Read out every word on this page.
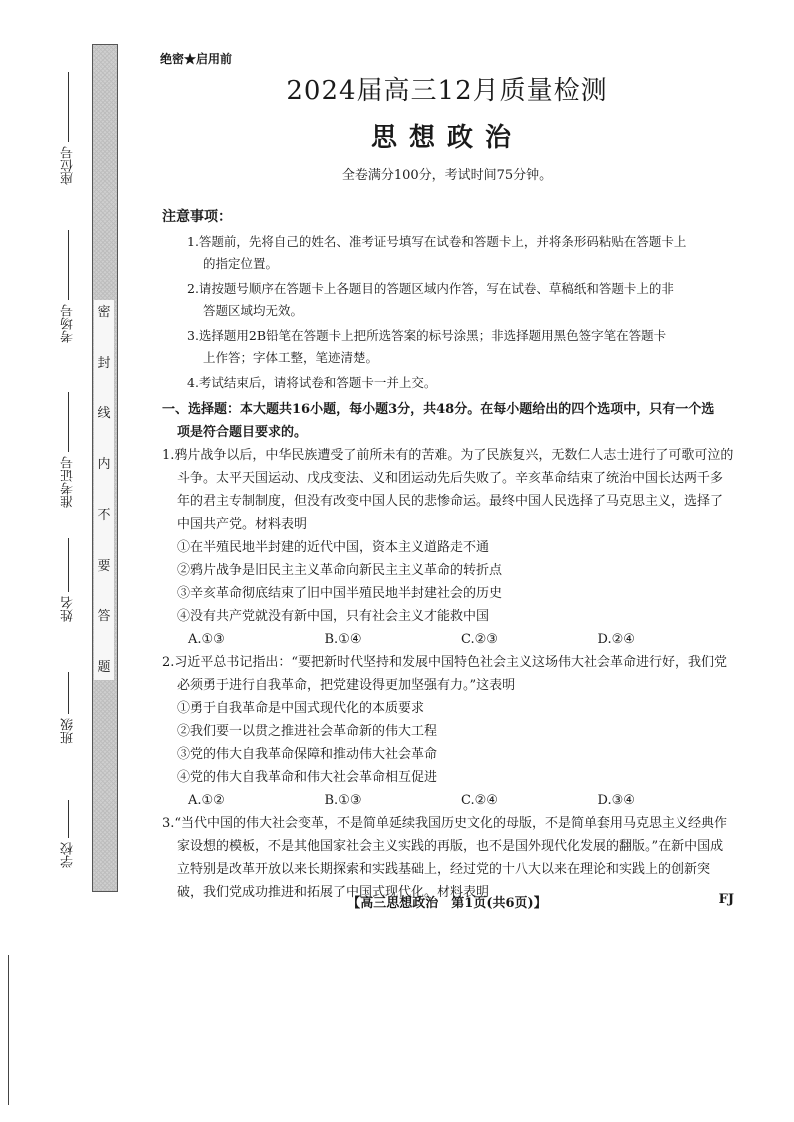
密
封
线
内
不
要
答
题
座位号
考场号
准考证号
姓名
班级
学校
绝密★启用前
2024届高三12月质量检测
思想政治
全卷满分100分，考试时间75分钟。
注意事项：
1.答题前，先将自己的姓名、准考证号填写在试卷和答题卡上，并将条形码粘贴在答题卡上
的指定位置。
2.请按题号顺序在答题卡上各题目的答题区域内作答，写在试卷、草稿纸和答题卡上的非
答题区域均无效。
3.选择题用2B铅笔在答题卡上把所选答案的标号涂黑；非选择题用黑色签字笔在答题卡
上作答；字体工整，笔迹清楚。
4.考试结束后，请将试卷和答题卡一并上交。
一、选择题：本大题共16小题，每小题3分，共48分。在每小题给出的四个选项中，只有一个选
项是符合题目要求的。
1.鸦片战争以后，中华民族遭受了前所未有的苦难。为了民族复兴，无数仁人志士进行了可歌可泣的斗争。太平天国运动、戊戌变法、义和团运动先后失败了。辛亥革命结束了统治中国长达两千多年的君主专制制度，但没有改变中国人民的悲惨命运。最终中国人民选择了马克思主义，选择了中国共产党。材料表明
①在半殖民地半封建的近代中国，资本主义道路走不通
②鸦片战争是旧民主主义革命向新民主主义革命的转折点
③辛亥革命彻底结束了旧中国半殖民地半封建社会的历史
④没有共产党就没有新中国，只有社会主义才能救中国
A.①③	B.①④	C.②③	D.②④
2.习近平总书记指出：“要把新时代坚持和发展中国特色社会主义这场伟大社会革命进行好，我们党必须勇于进行自我革命，把党建设得更加坚强有力。”这表明
①勇于自我革命是中国式现代化的本质要求
②我们要一以贯之推进社会革命新的伟大工程
③党的伟大自我革命保障和推动伟大社会革命
④党的伟大自我革命和伟大社会革命相互促进
A.①②	B.①③	C.②④	D.③④
3.“当代中国的伟大社会变革，不是简单延续我国历史文化的母版，不是简单套用马克思主义经典作家设想的模板，不是其他国家社会主义实践的再版，也不是国外现代化发展的翻版。”在新中国成立特别是改革开放以来长期探索和实践基础上，经过党的十八大以来在理论和实践上的创新突破，我们党成功推进和拓展了中国式现代化。材料表明
【高三思想政治　第1页(共6页)】	FJ
